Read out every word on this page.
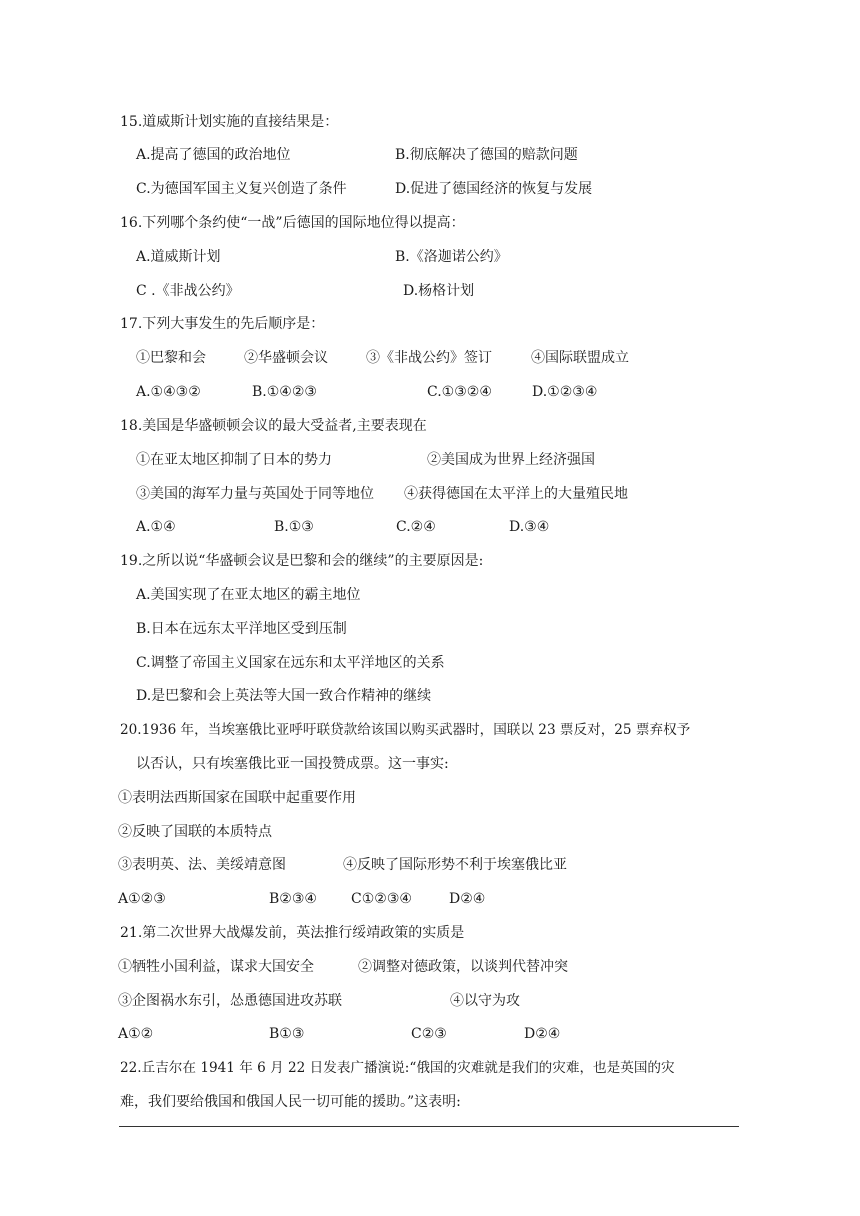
15.道威斯计划实施的直接结果是：
A.提高了德国的政治地位	B.彻底解决了德国的赔款问题
C.为德国军国主义复兴创造了条件	D.促进了德国经济的恢复与发展
16.下列哪个条约使“一战”后德国的国际地位得以提高：
A.道威斯计划	B.《洛迦诺公约》
C .《非战公约》	D.杨格计划
17.下列大事发生的先后顺序是：
①巴黎和会	②华盛顿会议	③《非战公约》签订	④国际联盟成立
A.①④③②	B.①④②③	C.①③②④	D.①②③④
18.美国是华盛顿顿会议的最大受益者,主要表现在
①在亚太地区抑制了日本的势力	②美国成为世界上经济强国
③美国的海军力量与英国处于同等地位 ④获得德国在太平洋上的大量殖民地
A.①④	B.①③	C.②④	D.③④
19.之所以说“华盛顿会议是巴黎和会的继续”的主要原因是:
A.美国实现了在亚太地区的霸主地位
B.日本在远东太平洋地区受到压制
C.调整了帝国主义国家在远东和太平洋地区的关系
D.是巴黎和会上英法等大国一致合作精神的继续
20.1936 年，当埃塞俄比亚呼吁联贷款给该国以购买武器时，国联以 23 票反对，25 票弃权予
以否认，只有埃塞俄比亚一国投赞成票。这一事实:
①表明法西斯国家在国联中起重要作用
②反映了国联的本质特点
③表明英、法、美绥靖意图	④反映了国际形势不利于埃塞俄比亚
A①②③	B②③④ C①②③④	D②④
21.第二次世界大战爆发前，英法推行绥靖政策的实质是
①牺牲小国利益，谋求大国安全	②调整对德政策，以谈判代替冲突
③企图祸水东引，怂恿德国进攻苏联	④以守为攻
A①②	B①③	C②③	D②④
22.丘吉尔在 1941 年 6 月 22 日发表广播演说:“俄国的灾难就是我们的灾难，也是英国的灾
难，我们要给俄国和俄国人民一切可能的援助。”这表明:
